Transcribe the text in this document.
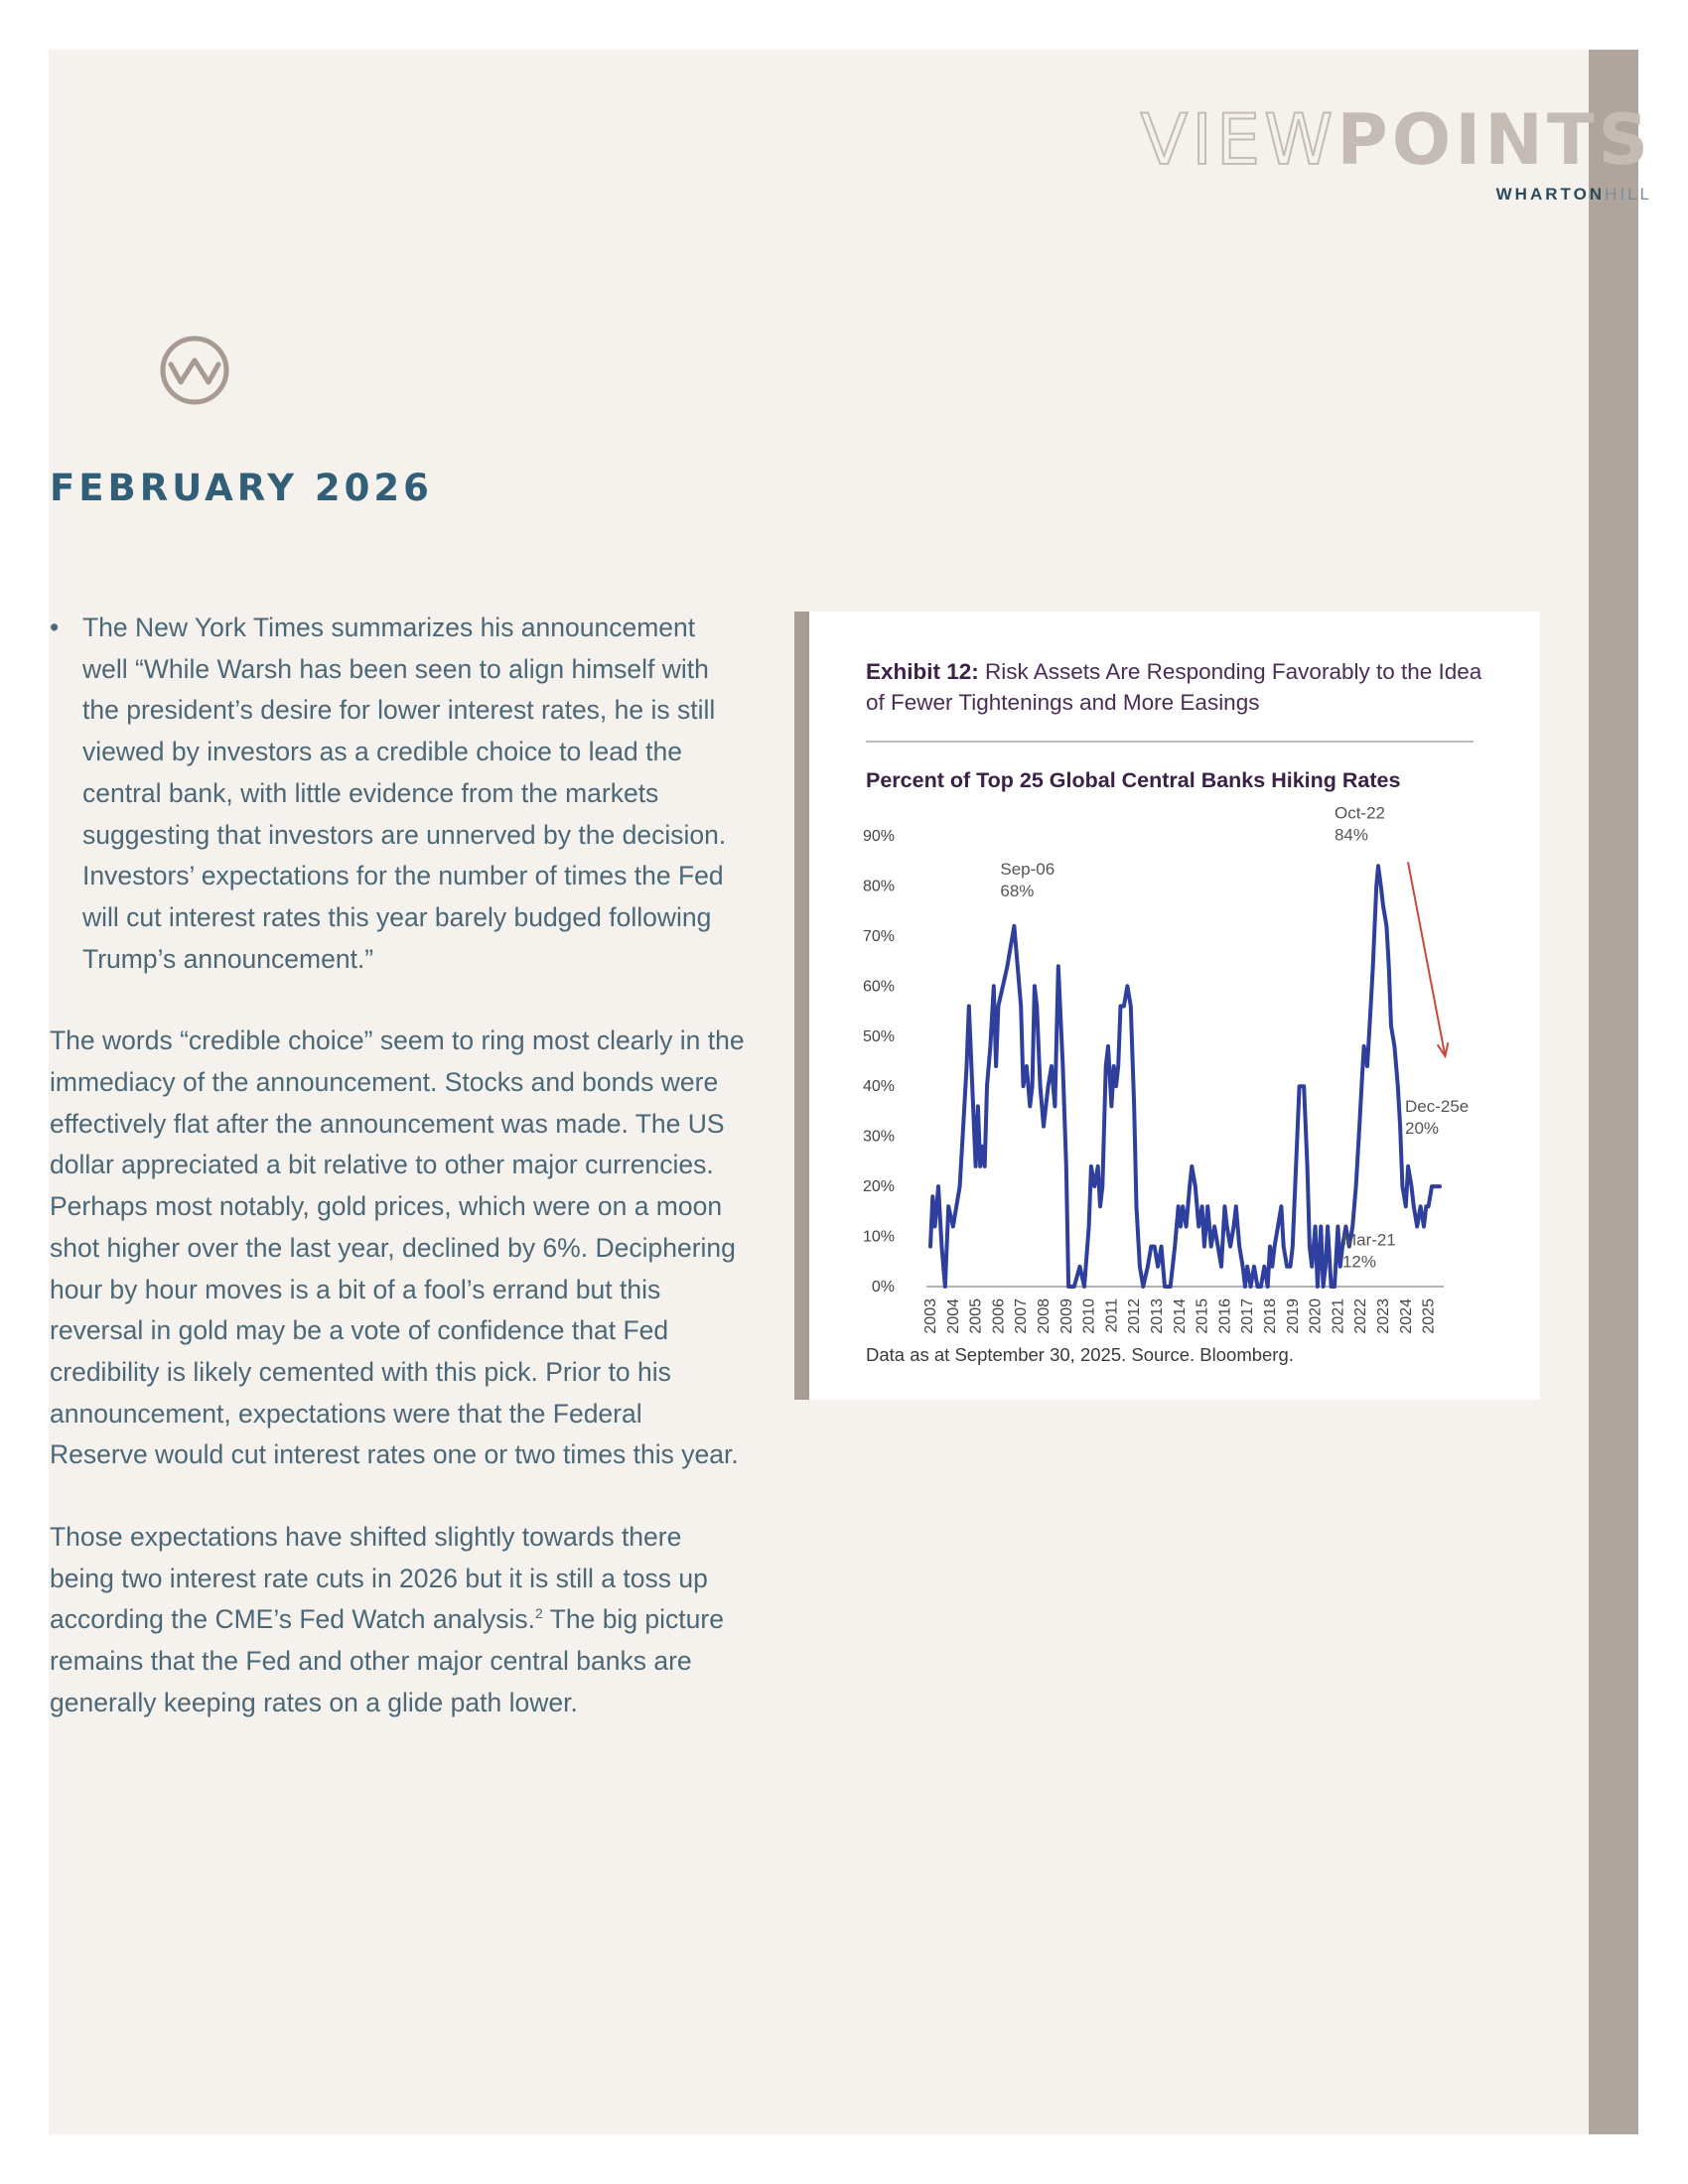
VIEWPOINTS
WHARTONHILL
FEBRUARY 2026
• The New York Times summarizes his announcement well “While Warsh has been seen to align himself with the president’s desire for lower interest rates, he is still viewed by investors as a credible choice to lead the central bank, with little evidence from the markets suggesting that investors are unnerved by the decision. Investors’ expectations for the number of times the Fed will cut interest rates this year barely budged following Trump’s announcement.”
The words “credible choice” seem to ring most clearly in the immediacy of the announcement. Stocks and bonds were effectively flat after the announcement was made. The US dollar appreciated a bit relative to other major currencies. Perhaps most notably, gold prices, which were on a moon shot higher over the last year, declined by 6%. Deciphering hour by hour moves is a bit of a fool’s errand but this reversal in gold may be a vote of confidence that Fed credibility is likely cemented with this pick. Prior to his announcement, expectations were that the Federal Reserve would cut interest rates one or two times this year.
Those expectations have shifted slightly towards there being two interest rate cuts in 2026 but it is still a toss up according the CME’s Fed Watch analysis.$^2$ The big picture remains that the Fed and other major central banks are generally keeping rates on a glide path lower.
Exhibit 12: Risk Assets Are Responding Favorably to the Idea of Fewer Tightenings and More Easings
Percent of Top 25 Global Central Banks Hiking Rates
0%
10%
20%
30%
40%
50%
60%
70%
80%
90%
2003 2004 2005 2006 2007 2008 2009 2010 2011 2012 2013 2014 2015 2016 2017 2018 2019 2020 2021 2022 2023 2024 2025
Sep-06
68%
Oct-22
84%
Dec-25e
20%
Mar-21
12%
Data as at September 30, 2025. Source. Bloomberg.
